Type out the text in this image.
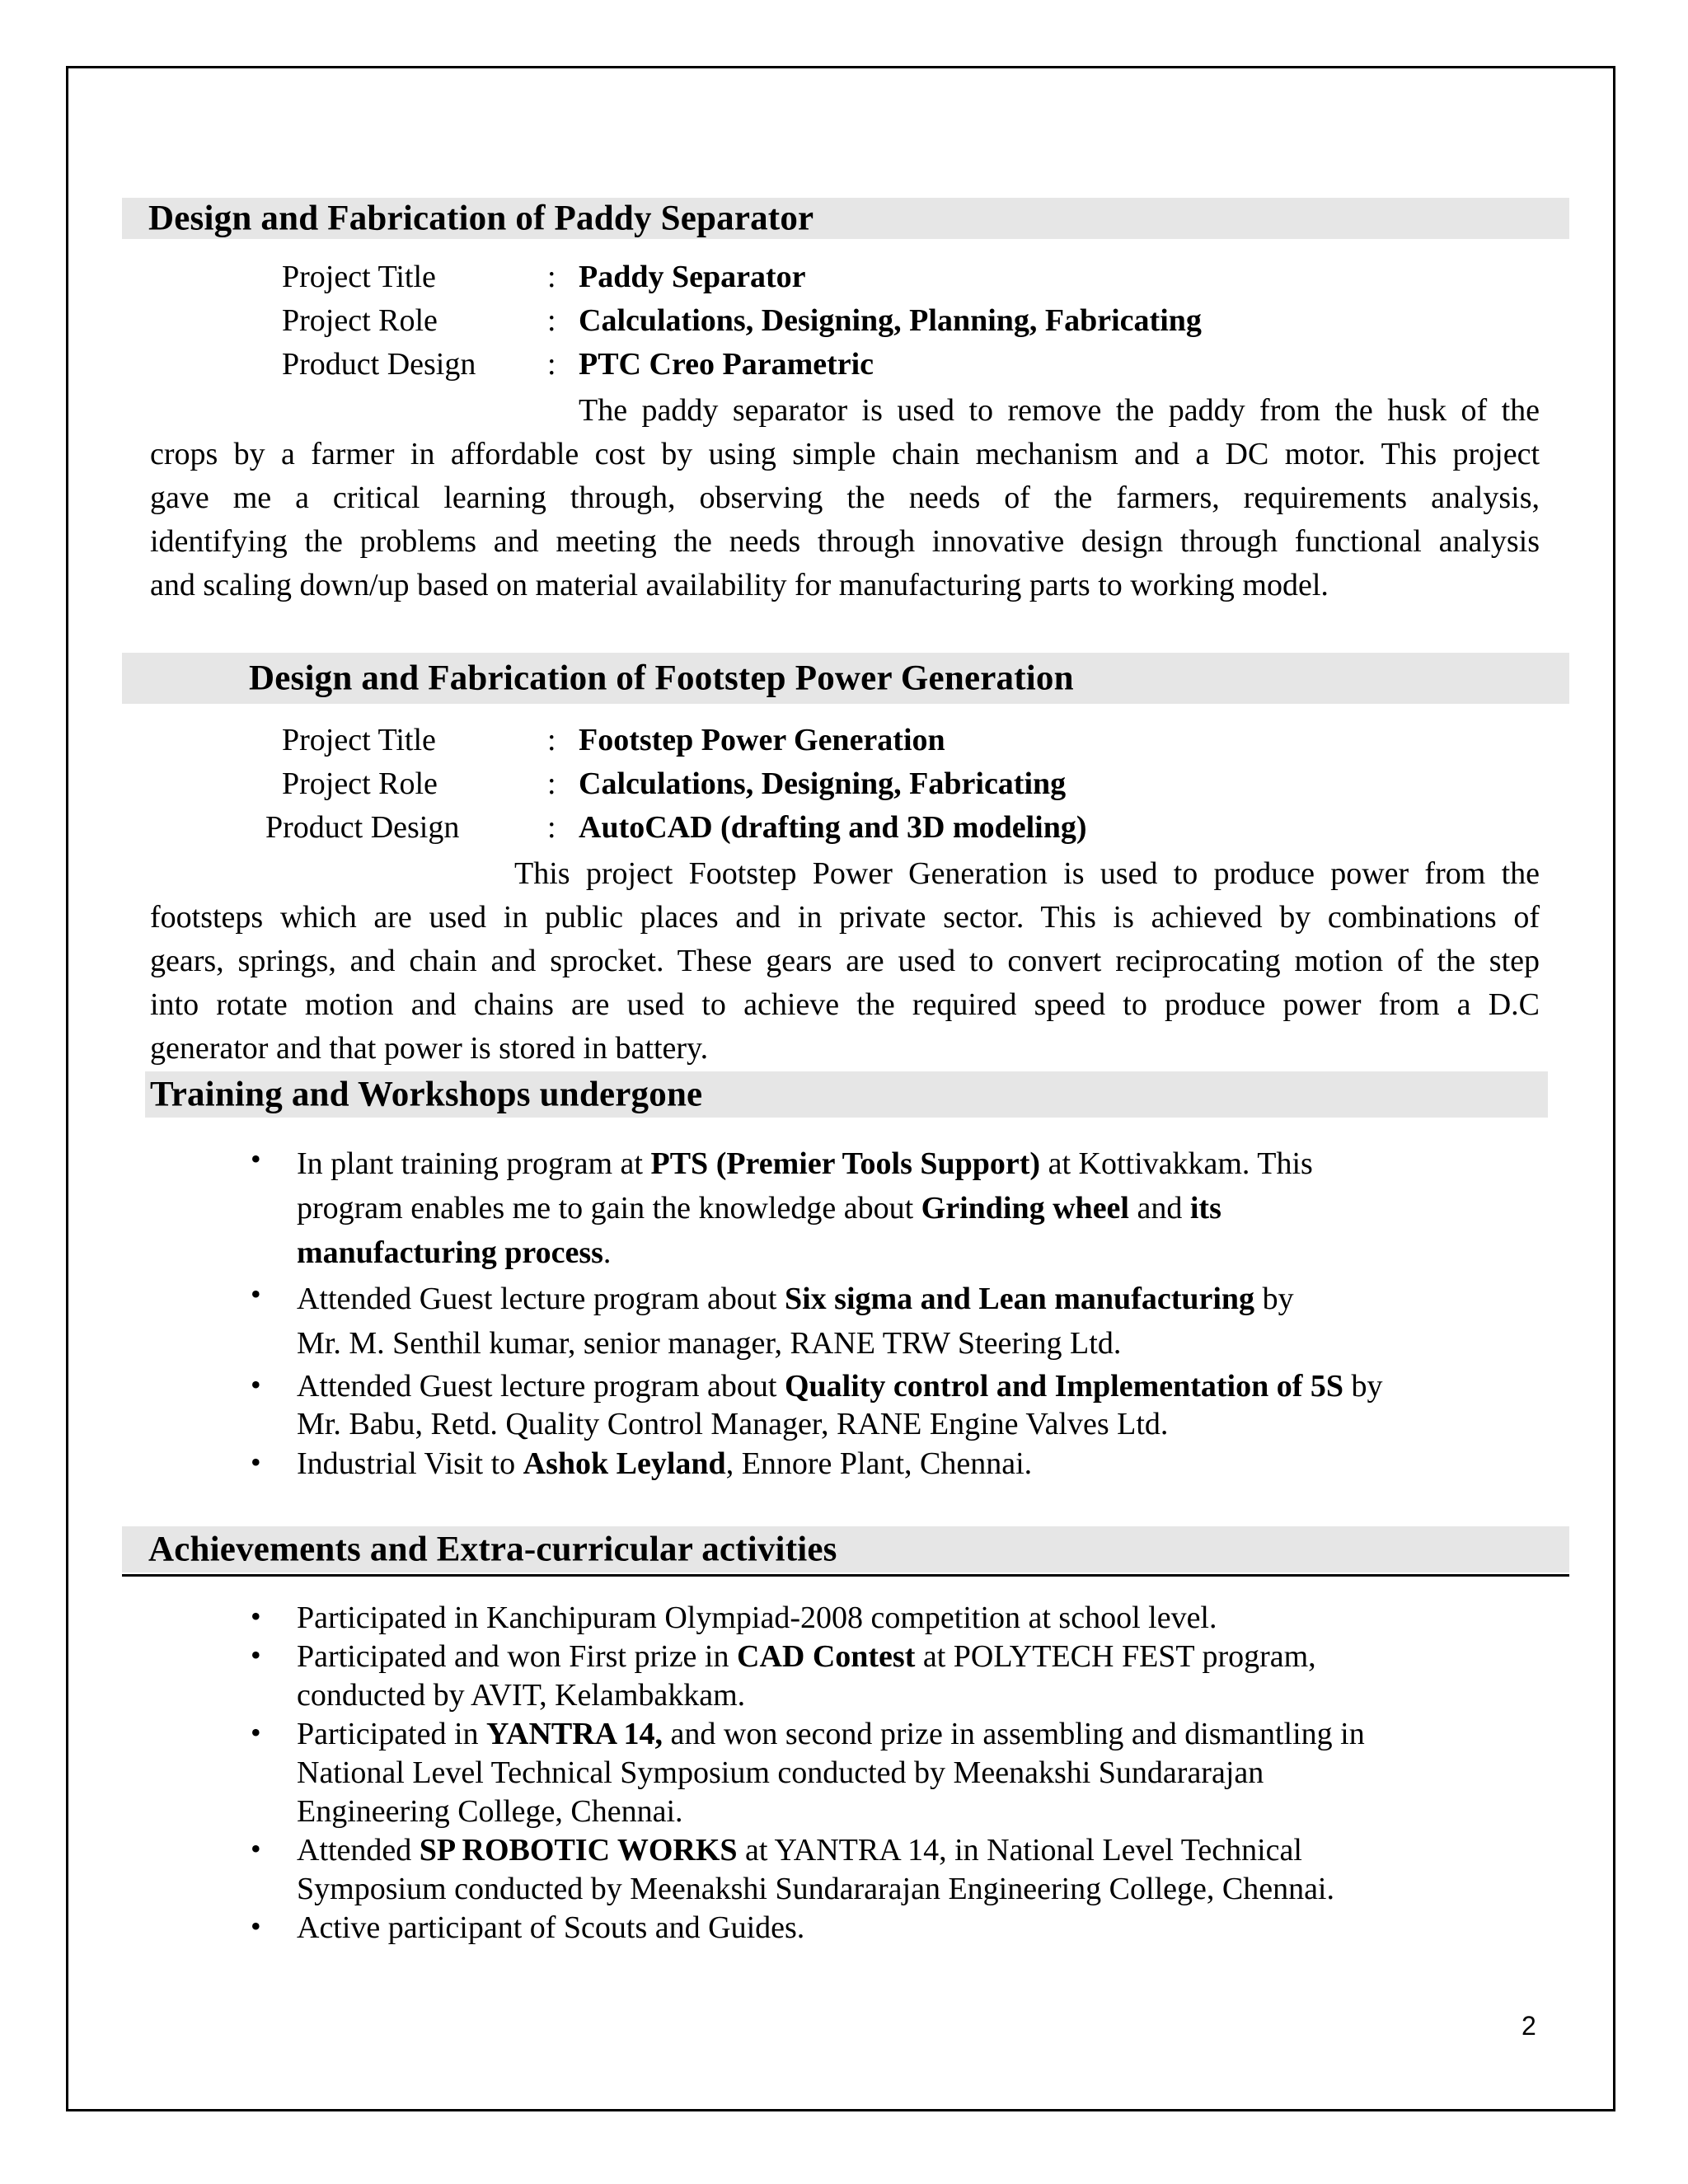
Design and Fabrication of Paddy Separator
Project Title	: Paddy Separator
Project Role	: Calculations, Designing, Planning, Fabricating
Product Design : PTC Creo Parametric
The paddy separator is used to remove the paddy from the husk of the
crops by a farmer in affordable cost by using simple chain mechanism and a DC motor. This project
gave me a critical learning through, observing the needs of the farmers, requirements analysis,
identifying the problems and meeting the needs through innovative design through functional analysis
and scaling down/up based on material availability for manufacturing parts to working model.
Design and Fabrication of Footstep Power Generation
Project Title	: Footstep Power Generation
Project Role	: Calculations, Designing, Fabricating
Product Design	: AutoCAD (drafting and 3D modeling)
This project Footstep Power Generation is used to produce power from the
footsteps which are used in public places and in private sector. This is achieved by combinations of
gears, springs, and chain and sprocket. These gears are used to convert reciprocating motion of the step
into rotate motion and chains are used to achieve the required speed to produce power from a D.C
generator and that power is stored in battery.
Training and Workshops undergone
• In plant training program at PTS (Premier Tools Support) at Kottivakkam. This
program enables me to gain the knowledge about Grinding wheel and its
manufacturing process.
• Attended Guest lecture program about Six sigma and Lean manufacturing by
Mr. M. Senthil kumar, senior manager, RANE TRW Steering Ltd.
• Attended Guest lecture program about Quality control and Implementation of 5S by
Mr. Babu, Retd. Quality Control Manager, RANE Engine Valves Ltd.
• Industrial Visit to Ashok Leyland, Ennore Plant, Chennai.
Achievements and Extra-curricular activities
• Participated in Kanchipuram Olympiad-2008 competition at school level.
• Participated and won First prize in CAD Contest at POLYTECH FEST program,
conducted by AVIT, Kelambakkam.
• Participated in YANTRA 14, and won second prize in assembling and dismantling in
National Level Technical Symposium conducted by Meenakshi Sundararajan
Engineering College, Chennai.
• Attended SP ROBOTIC WORKS at YANTRA 14, in National Level Technical
Symposium conducted by Meenakshi Sundararajan Engineering College, Chennai.
• Active participant of Scouts and Guides.
2
